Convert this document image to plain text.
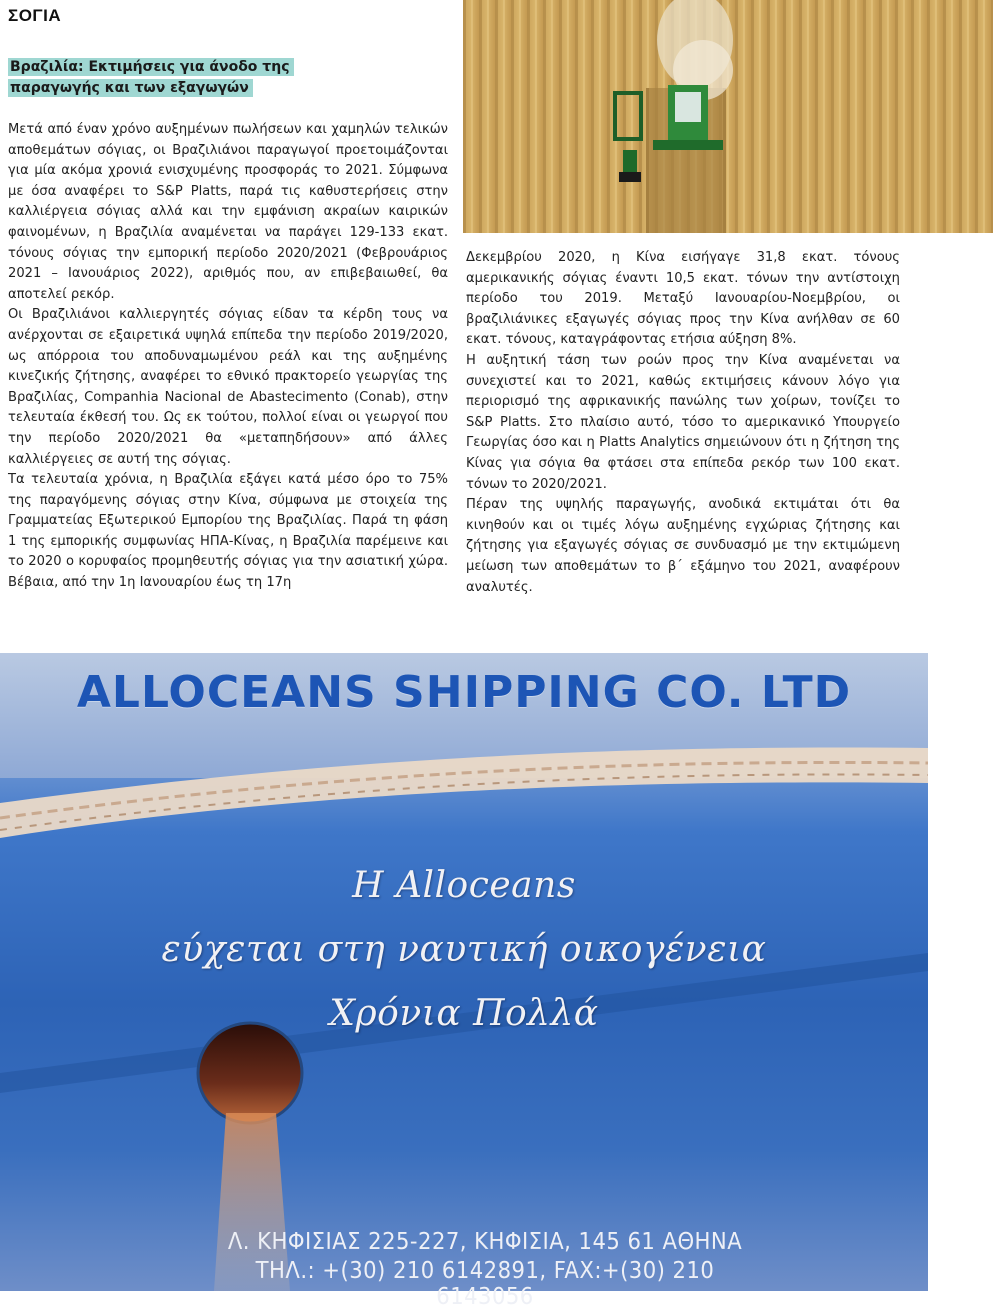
ΣΟΓΙΑ
Βραζιλία: Εκτιμήσεις για άνοδο της παραγωγής και των εξαγωγών

Μετά από έναν χρόνο αυξημένων πωλήσεων και χαμηλών τελικών αποθεμάτων σόγιας, οι Βραζιλιάνοι παραγωγοί προετοιμάζονται για μία ακόμα χρονιά ενισχυμένης προσφοράς το 2021. Σύμφωνα με όσα αναφέρει το S&P Platts, παρά τις καθυστερήσεις στην καλλιέργεια σόγιας αλλά και την εμφάνιση ακραίων καιρικών φαινομένων, η Βραζιλία αναμένεται να παράγει 129-133 εκατ. τόνους σόγιας την εμπορική περίοδο 2020/2021 (Φεβρουάριος 2021 – Ιανουάριος 2022), αριθμός που, αν επιβεβαιωθεί, θα αποτελεί ρεκόρ.

Οι Βραζιλιάνοι καλλιεργητές σόγιας είδαν τα κέρδη τους να ανέρχονται σε εξαιρετικά υψηλά επίπεδα την περίοδο 2019/2020, ως απόρροια του αποδυναμωμένου ρεάλ και της αυξημένης κινεζικής ζήτησης, αναφέρει το εθνικό πρακτορείο γεωργίας της Βραζιλίας, Companhia Nacional de Abastecimento (Conab), στην τελευταία έκθεσή του. Ως εκ τούτου, πολλοί είναι οι γεωργοί που την περίοδο 2020/2021 θα «μεταπηδήσουν» από άλλες καλλιέργειες σε αυτή της σόγιας.

Τα τελευταία χρόνια, η Βραζιλία εξάγει κατά μέσο όρο το 75% της παραγόμενης σόγιας στην Κίνα, σύμφωνα με στοιχεία της Γραμματείας Εξωτερικού Εμπορίου της Βραζιλίας. Παρά τη φάση 1 της εμπορικής συμφωνίας ΗΠΑ-Κίνας, η Βραζιλία παρέμεινε και το 2020 ο κορυφαίος προμηθευτής σόγιας για την ασιατική χώρα. Βέβαια, από την 1η Ιανουαρίου έως τη 17η

Δεκεμβρίου 2020, η Κίνα εισήγαγε 31,8 εκατ. τόνους αμερικανικής σόγιας έναντι 10,5 εκατ. τόνων την αντίστοιχη περίοδο του 2019. Μεταξύ Ιανουαρίου-Νοεμβρίου, οι βραζιλιάνικες εξαγωγές σόγιας προς την Κίνα ανήλθαν σε 60 εκατ. τόνους, καταγράφοντας ετήσια αύξηση 8%.

Η αυξητική τάση των ροών προς την Κίνα αναμένεται να συνεχιστεί και το 2021, καθώς εκτιμήσεις κάνουν λόγο για περιορισμό της αφρικανικής πανώλης των χοίρων, τονίζει το S&P Platts. Στο πλαίσιο αυτό, τόσο το αμερικανικό Υπουργείο Γεωργίας όσο και η Platts Analytics σημειώνουν ότι η ζήτηση της Κίνας για σόγια θα φτάσει στα επίπεδα ρεκόρ των 100 εκατ. τόνων το 2020/2021.

Πέραν της υψηλής παραγωγής, ανοδικά εκτιμάται ότι θα κινηθούν και οι τιμές λόγω αυξημένης εγχώριας ζήτησης και ζήτησης για εξαγωγές σόγιας σε συνδυασμό με την εκτιμώμενη μείωση των αποθεμάτων το β΄ εξάμηνο του 2021, αναφέρουν αναλυτές.

ALLOCEANS SHIPPING CO. LTD
Η Alloceans
εύχεται στη ναυτική οικογένεια
Χρόνια Πολλά
Λ. ΚΗΦΙΣΙΑΣ 225-227, ΚΗΦΙΣΙΑ, 145 61 ΑΘΗΝΑ
ΤΗΛ.: +(30) 210 6142891, FAX:+(30) 210 6143056
